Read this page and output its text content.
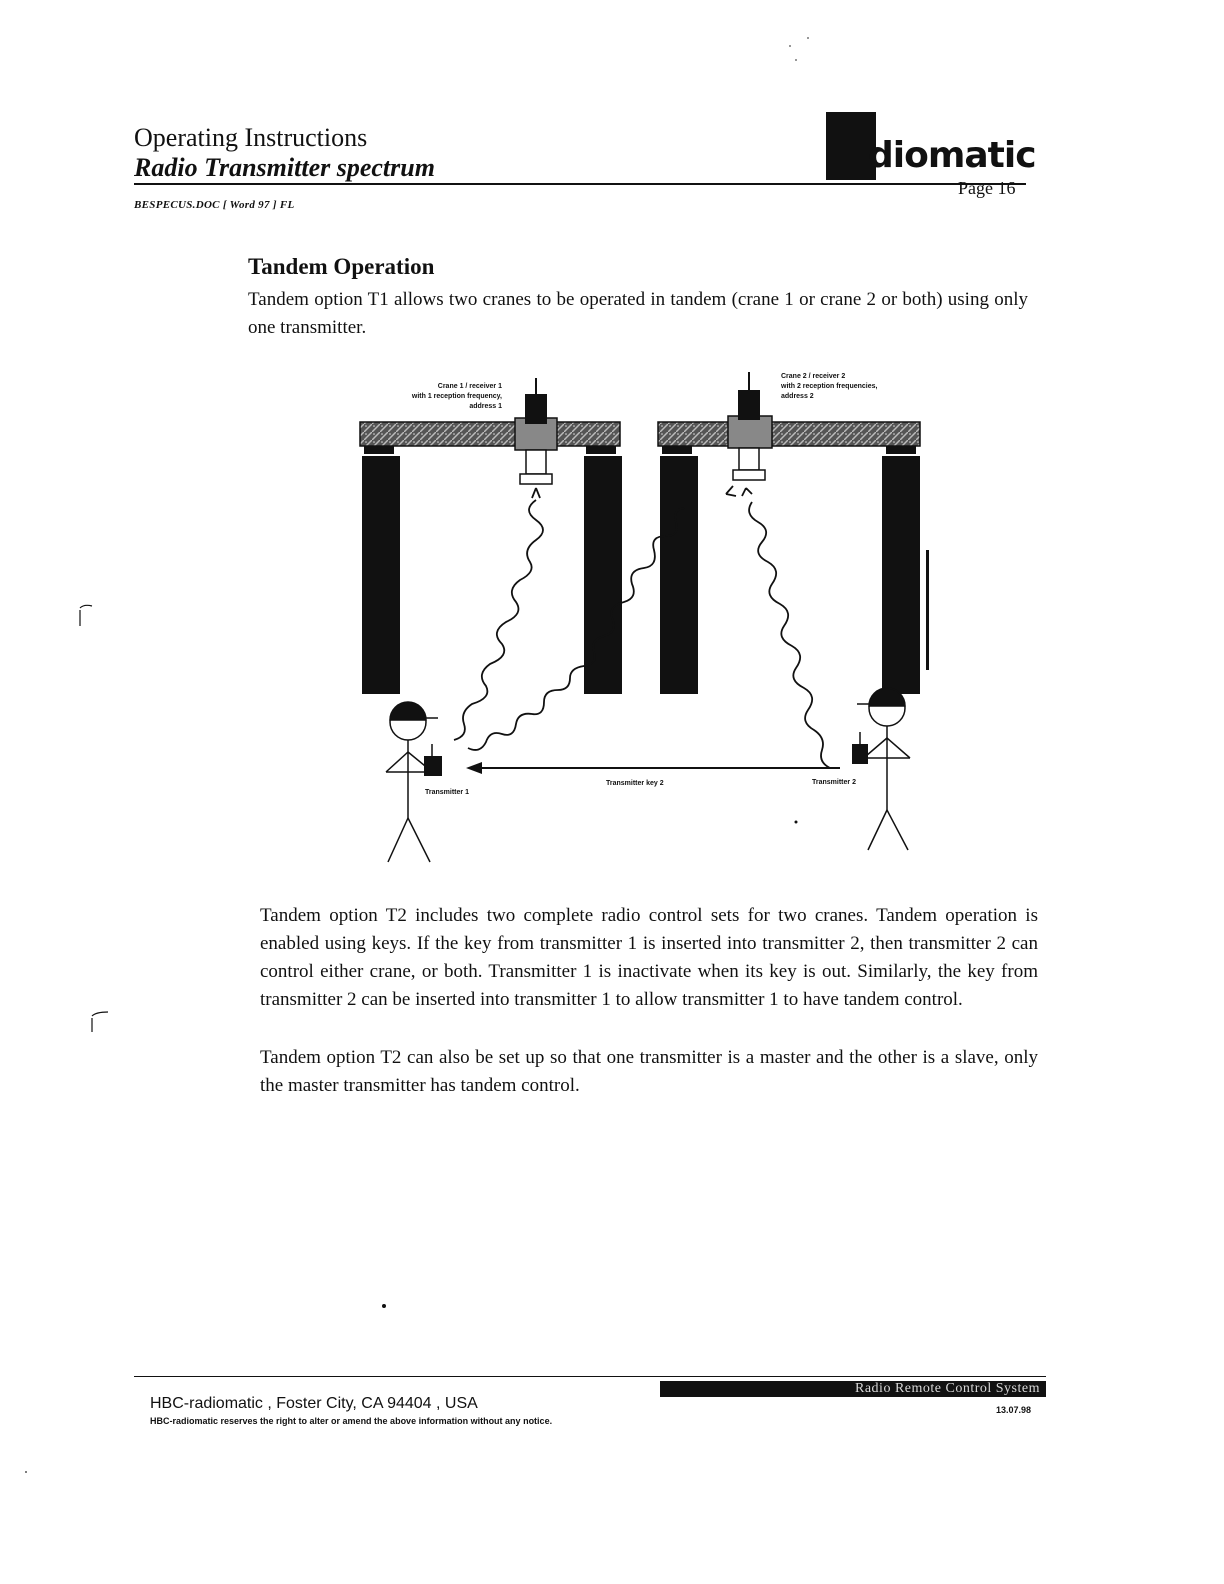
Operating Instructions
Radio Transmitter spectrum
BESPECUS.DOC [ Word 97 ] FL
diomatic
Page 16
Tandem Operation
Tandem option T1 allows two cranes to be operated in tandem (crane 1 or crane 2 or both) using only one transmitter.
Crane 1 / receiver 1
with 1 reception frequency,
address 1
Crane 2 / receiver 2
with 2 reception frequencies,
address 2
Transmitter key 2
Transmitter 1
Transmitter 2
Tandem option T2 includes two complete radio control sets for two cranes. Tandem operation is enabled using keys. If the key from transmitter 1 is inserted into transmitter 2, then transmitter 2 can control either crane, or both. Transmitter 1 is inactivate when its key is out. Similarly, the key from transmitter 2 can be inserted into transmitter 1 to allow transmitter 1 to have tandem control.
Tandem option T2 can also be set up so that one transmitter is a master and the other is a slave, only the master transmitter has tandem control.
HBC-radiomatic , Foster City, CA 94404 , USA
HBC-radiomatic reserves the right to alter or amend the above information without any notice.
Radio Remote Control System
13.07.98
